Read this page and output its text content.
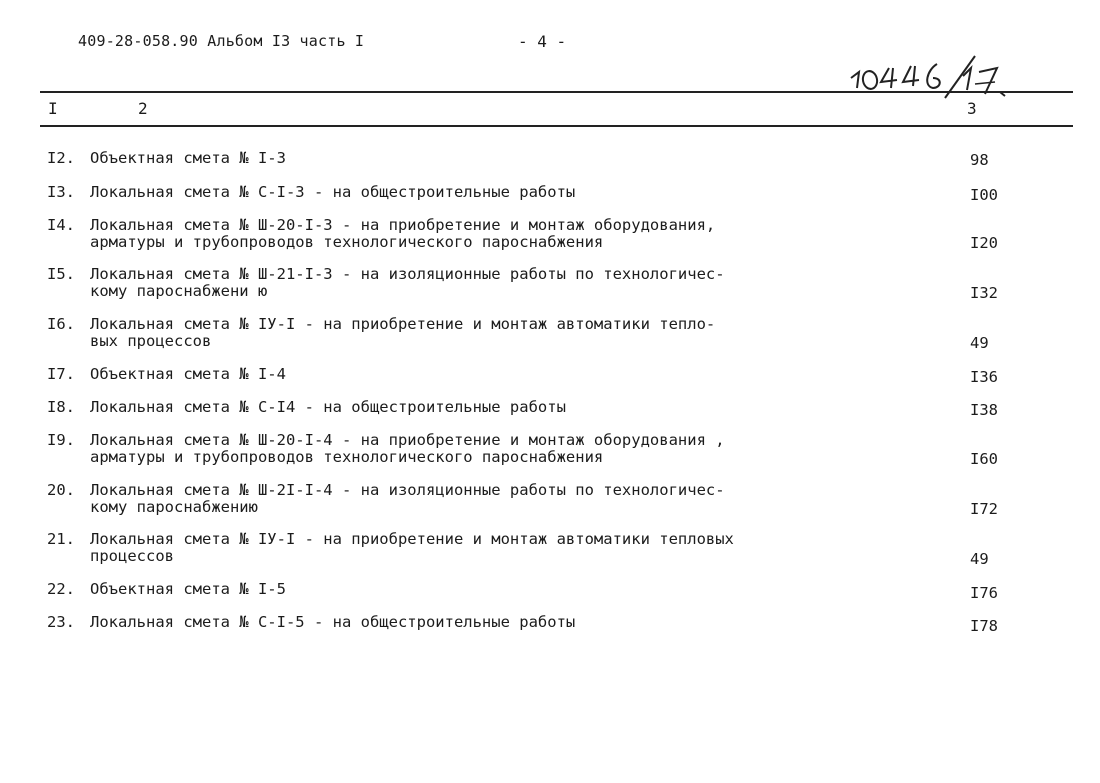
409-28-058.90 Альбом I3 часть I	- 4 -
I	2	3
I2. Объектная смета № I-3	98
I3. Локальная смета № С-I-3 - на общестроительные работы	I00
I4. Локальная смета № Ш-20-I-3 - на приобретение и монтаж оборудования,
арматуры и трубопроводов технологического пароснабжения	I20
I5. Локальная смета № Ш-21-I-3 - на изоляционные работы по технологичес-
кому пароснабжени ю	I32
I6. Локальная смета № IУ-I - на приобретение и монтаж автоматики тепло-
вых процессов	49
I7. Объектная смета № I-4	I36
I8. Локальная смета № С-I4 - на общестроительные работы	I38
I9. Локальная смета № Ш-20-I-4 - на приобретение и монтаж оборудования ,
арматуры и трубопроводов технологического пароснабжения	I60
20. Локальная смета № Ш-2I-I-4 - на изоляционные работы по технологичес-
кому пароснабжению	I72
21. Локальная смета № IУ-I - на приобретение и монтаж автоматики тепловых
процессов	49
22. Объектная смета № I-5	I76
23. Локальная смета № С-I-5 - на общестроительные работы	I78
